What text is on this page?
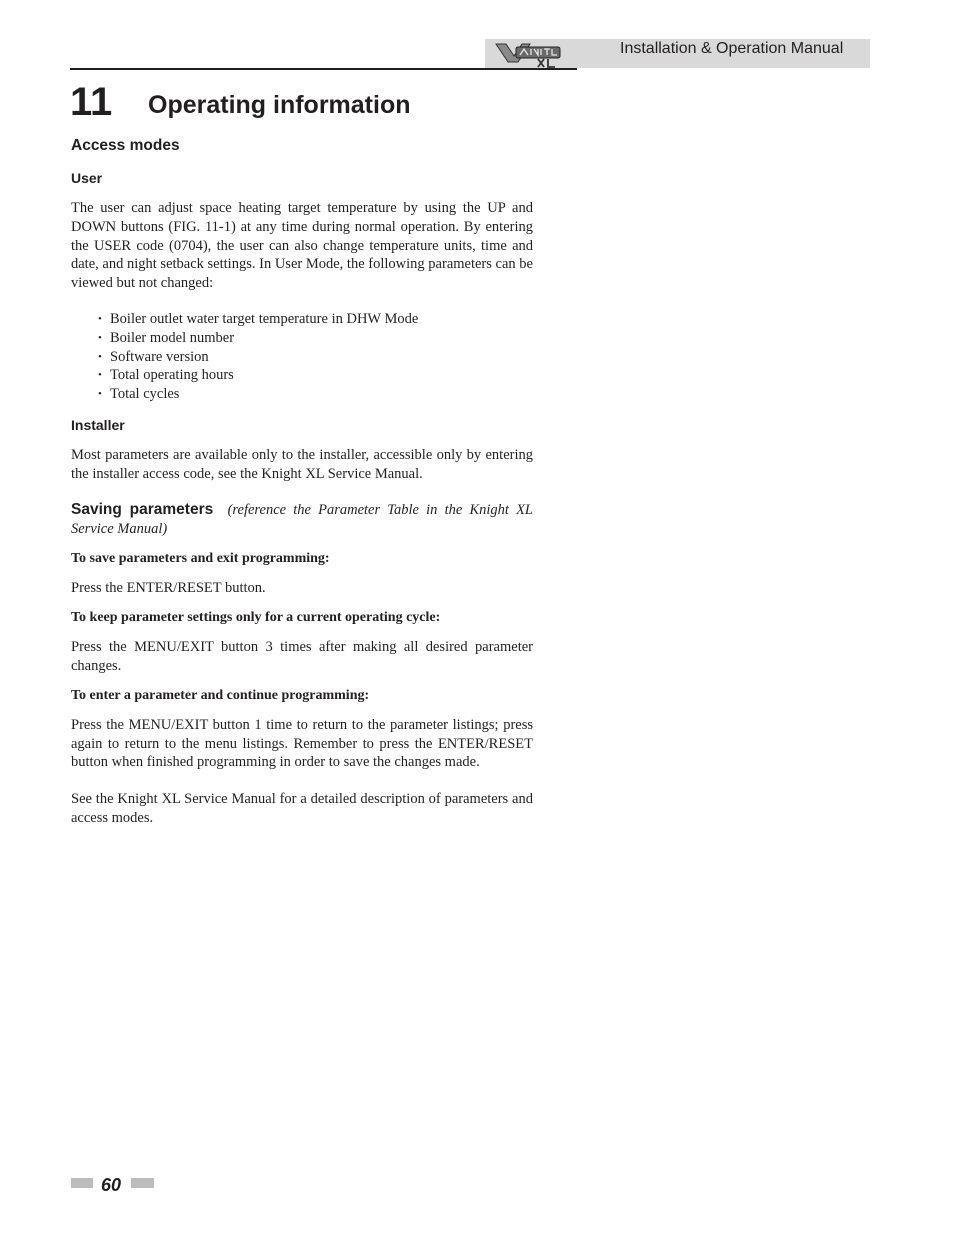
Installation & Operation Manual
11 Operating information
Access modes
User

The user can adjust space heating target temperature by using the UP and DOWN buttons (FIG. 11-1) at any time during normal operation. By entering the USER code (0704), the user can also change temperature units, time and date, and night setback settings. In User Mode, the following parameters can be viewed but not changed:

• Boiler outlet water target temperature in DHW Mode
• Boiler model number
• Software version
• Total operating hours
• Total cycles
Installer

Most parameters are available only to the installer, accessible only by entering the installer access code, see the Knight XL Service Manual.

Saving parameters (reference the Parameter Table in the Knight XL Service Manual)

To save parameters and exit programming:

Press the ENTER/RESET button.

To keep parameter settings only for a current operating cycle:

Press the MENU/EXIT button 3 times after making all desired parameter changes.

To enter a parameter and continue programming:

Press the MENU/EXIT button 1 time to return to the parameter listings; press again to return to the menu listings. Remember to press the ENTER/RESET button when finished programming in order to save the changes made.

See the Knight XL Service Manual for a detailed description of parameters and access modes.

60
